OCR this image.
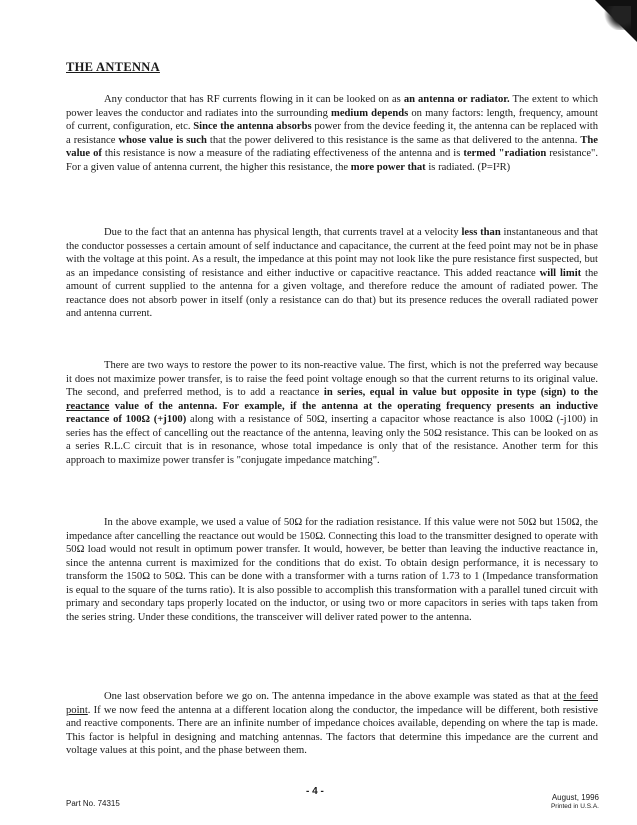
THE ANTENNA

Any conductor that has RF currents flowing in it can be looked on as an antenna or radiator. The extent to which power leaves the conductor and radiates into the surrounding medium depends on many factors: length, frequency, amount of current, configuration, etc. Since the antenna absorbs power from the device feeding it, the antenna can be replaced with a resistance whose value is such that the power delivered to this resistance is the same as that delivered to the antenna. The value of this resistance is now a measure of the radiating effectiveness of the antenna and is termed "radiation resistance". For a given value of antenna current, the higher this resistance, the more power that is radiated. (P=I²R)

Due to the fact that an antenna has physical length, that currents travel at a velocity less than instantaneous and that the conductor possesses a certain amount of self inductance and capacitance, the current at the feed point may not be in phase with the voltage at this point. As a result, the impedance at this point may not look like the pure resistance first suspected, but as an impedance consisting of resistance and either inductive or capacitive reactance. This added reactance will limit the amount of current supplied to the antenna for a given voltage, and therefore reduce the amount of radiated power. The reactance does not absorb power in itself (only a resistance can do that) but its presence reduces the overall radiated power and antenna current.

There are two ways to restore the power to its non-reactive value. The first, which is not the preferred way because it does not maximize power transfer, is to raise the feed point voltage enough so that the current returns to its original value. The second, and preferred method, is to add a reactance in series, equal in value but opposite in type (sign) to the reactance value of the antenna. For example, if the antenna at the operating frequency presents an inductive reactance of 100Ω (+j100) along with a resistance of 50Ω, inserting a capacitor whose reactance is also 100Ω (-j100) in series has the effect of cancelling out the reactance of the antenna, leaving only the 50Ω resistance. This can be looked on as a series R.L.C circuit that is in resonance, whose total impedance is only that of the resistance. Another term for this approach to maximize power transfer is "conjugate impedance matching".

In the above example, we used a value of 50Ω for the radiation resistance. If this value were not 50Ω but 150Ω, the impedance after cancelling the reactance out would be 150Ω. Connecting this load to the transmitter designed to operate with 50Ω load would not result in optimum power transfer. It would, however, be better than leaving the inductive reactance in, since the antenna current is maximized for the conditions that do exist. To obtain design performance, it is necessary to transform the 150Ω to 50Ω. This can be done with a transformer with a turns ration of 1.73 to 1 (Impedance transformation is equal to the square of the turns ratio). It is also possible to accomplish this transformation with a parallel tuned circuit with primary and secondary taps properly located on the inductor, or using two or more capacitors in series with taps taken from the series string. Under these conditions, the transceiver will deliver rated power to the antenna.

One last observation before we go on. The antenna impedance in the above example was stated as that at the feed point. If we now feed the antenna at a different location along the conductor, the impedance will be different, both resistive and reactive components. There are an infinite number of impedance choices available, depending on where the tap is made. This factor is helpful in designing and matching antennas. The factors that determine this impedance are the current and voltage values at this point, and the phase between them.

- 4 -

Part No. 74315

August, 1996
Printed in U.S.A.
